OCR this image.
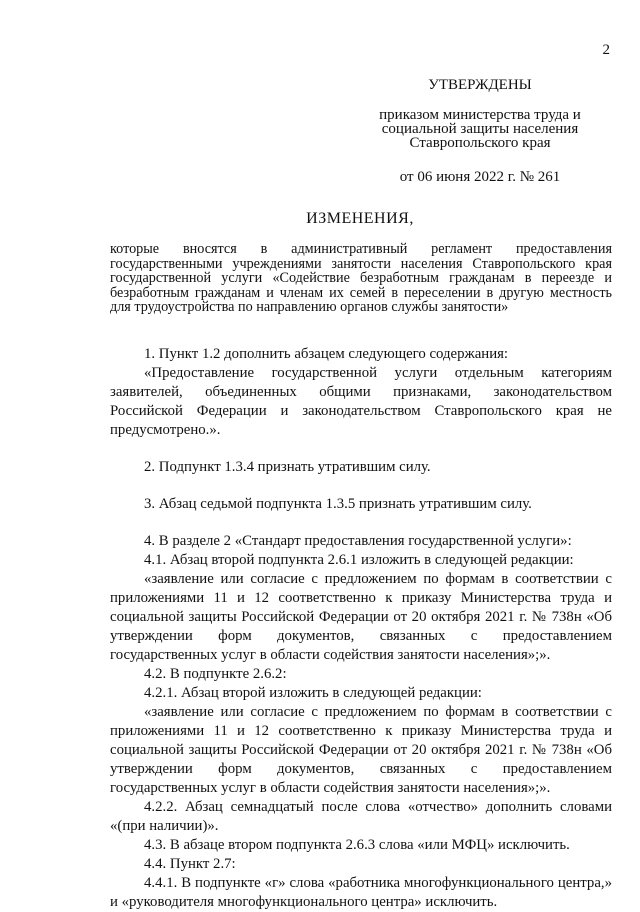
2
УТВЕРЖДЕНЫ
приказом министерства труда и социальной защиты населения Ставропольского края
от 06 июня 2022 г. № 261
ИЗМЕНЕНИЯ,

которые вносятся в административный регламент предоставления государственными учреждениями занятости населения Ставропольского края государственной услуги «Содействие безработным гражданам в переезде и безработным гражданам и членам их семей в переселении в другую местность для трудоустройства по направлению органов службы занятости»

1. Пункт 1.2 дополнить абзацем следующего содержания:

«Предоставление государственной услуги отдельным категориям заявителей, объединенных общими признаками, законодательством Российской Федерации и законодательством Ставропольского края не предусмотрено.».

2. Подпункт 1.3.4 признать утратившим силу.

3. Абзац седьмой подпункта 1.3.5 признать утратившим силу.

4. В разделе 2 «Стандарт предоставления государственной услуги»:

4.1. Абзац второй подпункта 2.6.1 изложить в следующей редакции:

«заявление или согласие с предложением по формам в соответствии с приложениями 11 и 12 соответственно к приказу Министерства труда и социальной защиты Российской Федерации от 20 октября 2021 г. № 738н «Об утверждении форм документов, связанных с предоставлением государственных услуг в области содействия занятости населения»;».

4.2. В подпункте 2.6.2:

4.2.1. Абзац второй изложить в следующей редакции:

«заявление или согласие с предложением по формам в соответствии с приложениями 11 и 12 соответственно к приказу Министерства труда и социальной защиты Российской Федерации от 20 октября 2021 г. № 738н «Об утверждении форм документов, связанных с предоставлением государственных услуг в области содействия занятости населения»;».

4.2.2. Абзац семнадцатый после слова «отчество» дополнить словами «(при наличии)».

4.3. В абзаце втором подпункта 2.6.3 слова «или МФЦ» исключить.

4.4. Пункт 2.7:

4.4.1. В подпункте «г» слова «работника многофункционального центра,» и «руководителя многофункционального центра» исключить.
